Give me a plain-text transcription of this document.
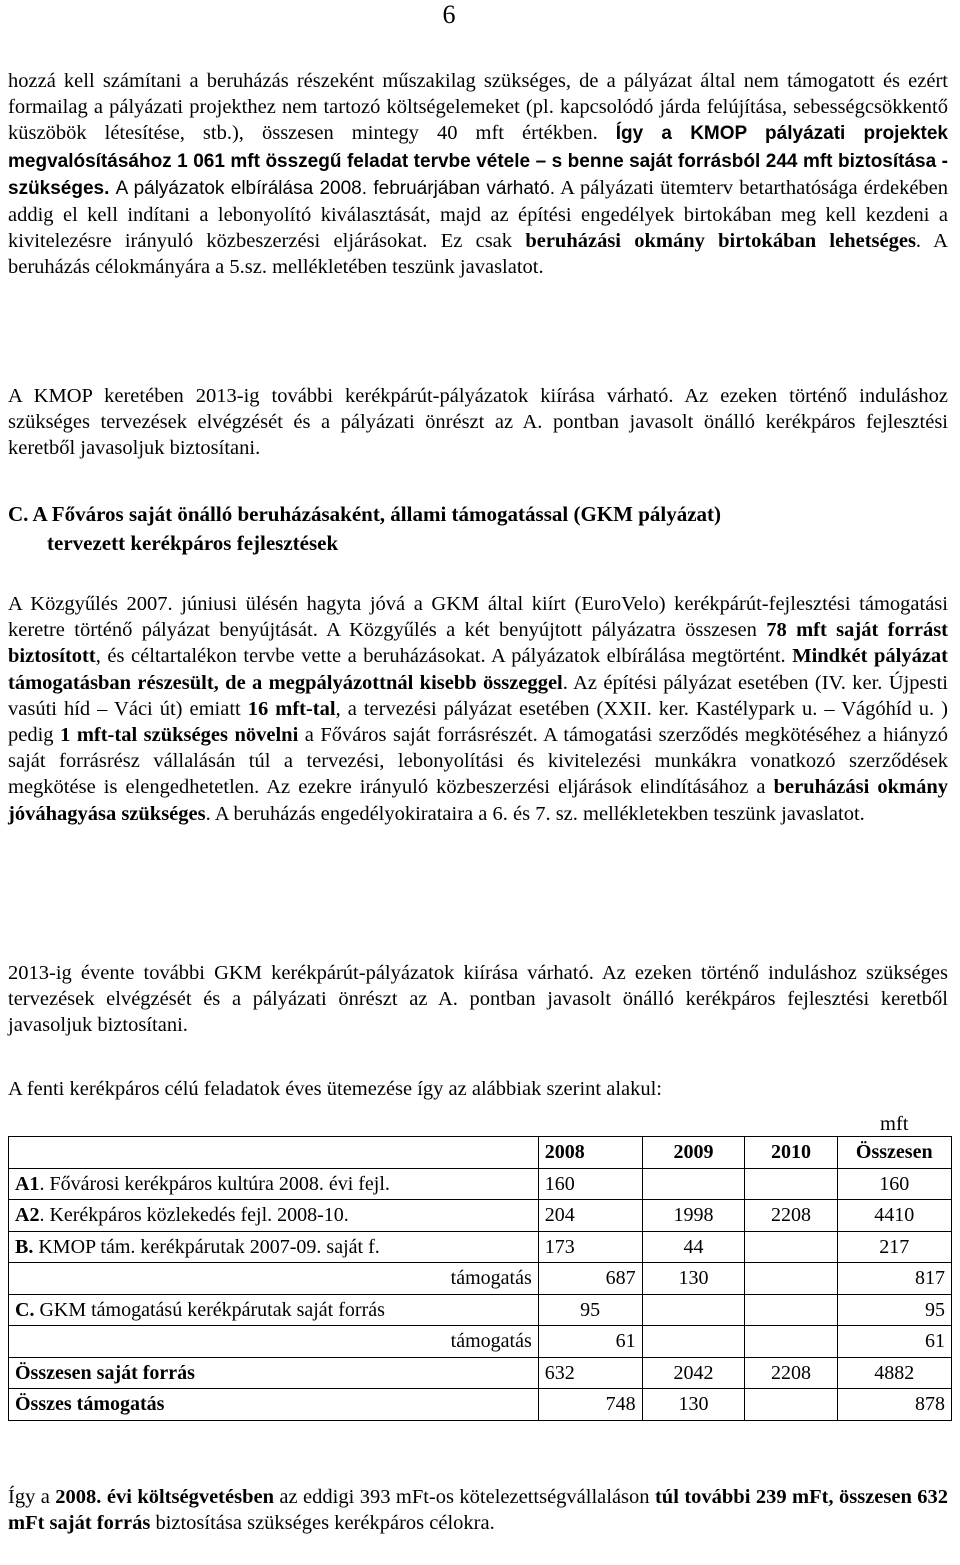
6
hozzá kell számítani a beruházás részeként műszakilag szükséges, de a pályázat által nem támogatott és ezért formailag a pályázati projekthez nem tartozó költségelemeket (pl. kapcsolódó járda felújítása, sebességcsökkentő küszöbök létesítése, stb.), összesen mintegy 40 mft értékben. Így a KMOP pályázati projektek megvalósításához 1 061 mft összegű feladat tervbe vétele – s benne saját forrásból 244 mft biztosítása - szükséges. A pályázatok elbírálása 2008. februárjában várható. A pályázati ütemterv betarthatósága érdekében addig el kell indítani a lebonyolító kiválasztását, majd az építési engedélyek birtokában meg kell kezdeni a kivitelezésre irányuló közbeszerzési eljárásokat. Ez csak beruházási okmány birtokában lehetséges. A beruházás célokmányára a 5.sz. mellékletében teszünk javaslatot.
A KMOP keretében 2013-ig további kerékpárút-pályázatok kiírása várható. Az ezeken történő induláshoz szükséges tervezések elvégzését és a pályázati önrészt az A. pontban javasolt önálló kerékpáros fejlesztési keretből javasoljuk biztosítani.
C. A Főváros saját önálló beruházásaként, állami támogatással (GKM pályázat)
tervezett kerékpáros fejlesztések
A Közgyűlés 2007. júniusi ülésén hagyta jóvá a GKM által kiírt (EuroVelo) kerékpárút-fejlesztési támogatási keretre történő pályázat benyújtását. A Közgyűlés a két benyújtott pályázatra összesen 78 mft saját forrást biztosított, és céltartalékon tervbe vette a beruházásokat. A pályázatok elbírálása megtörtént. Mindkét pályázat támogatásban részesült, de a megpályázottnál kisebb összeggel. Az építési pályázat esetében (IV. ker. Újpesti vasúti híd – Váci út) emiatt 16 mft-tal, a tervezési pályázat esetében (XXII. ker. Kastélypark u. – Vágóhíd u. ) pedig 1 mft-tal szükséges növelni a Főváros saját forrásrészét. A támogatási szerződés megkötéséhez a hiányzó saját forrásrész vállalásán túl a tervezési, lebonyolítási és kivitelezési munkákra vonatkozó szerződések megkötése is elengedhetetlen. Az ezekre irányuló közbeszerzési eljárások elindításához a beruházási okmány jóváhagyása szükséges. A beruházás engedélyokirataira a 6. és 7. sz. mellékletekben teszünk javaslatot.
2013-ig évente további GKM kerékpárút-pályázatok kiírása várható. Az ezeken történő induláshoz szükséges tervezések elvégzését és a pályázati önrészt az A. pontban javasolt önálló kerékpáros fejlesztési keretből javasoljuk biztosítani.
A fenti kerékpáros célú feladatok éves ütemezése így az alábbiak szerint alakul:
mft
	2008	2009	2010	Összesen
A1. Fővárosi kerékpáros kultúra 2008. évi fejl.	160			160
A2. Kerékpáros közlekedés fejl. 2008-10.	204	1998	2208	4410
B. KMOP tám. kerékpárutak 2007-09. saját f.	173	44		217
támogatás	687	130		817
C. GKM támogatású kerékpárutak saját forrás	95			95
támogatás	61			61
Összesen saját forrás	632	2042	2208	4882
Összes támogatás	748	130		878
Így a 2008. évi költségvetésben az eddigi 393 mFt-os kötelezettségvállaláson túl további 239 mFt, összesen 632 mFt saját forrás biztosítása szükséges kerékpáros célokra.
